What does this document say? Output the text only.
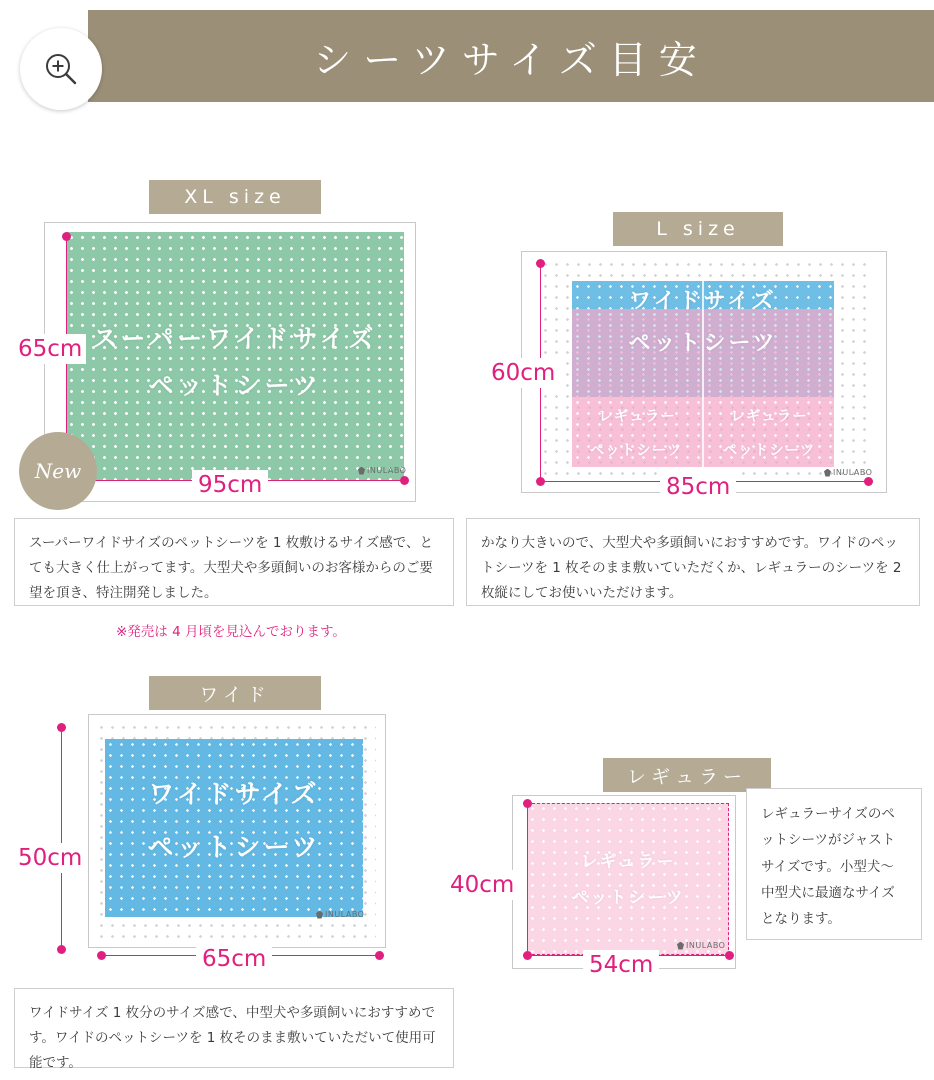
シーツサイズ目安
XL size
スーパーワイドサイズ
ペットシーツ
INULABO
65cm
95cm
New
スーパーワイドサイズのペットシーツを 1 枚敷けるサイズ感で、とても大きく仕上がってます。大型犬や多頭飼いのお客様からのご要望を頂き、特注開発しました。
※発売は 4 月頃を見込んでおります。
L size
ワイドサイズ
ペットシーツ
レギュラー
ペットシーツ
レギュラー
ペットシーツ
INULABO
60cm
85cm
かなり大きいので、大型犬や多頭飼いにおすすめです。ワイドのペットシーツを 1 枚そのまま敷いていただくか、レギュラーのシーツを 2 枚縦にしてお使いいただけます。
ワイド
ワイドサイズ
ペットシーツ
INULABO
50cm
65cm
ワイドサイズ 1 枚分のサイズ感で、中型犬や多頭飼いにおすすめです。ワイドのペットシーツを 1 枚そのまま敷いていただいて使用可能です。
レギュラー
レギュラー
ペットシーツ
INULABO
40cm
54cm
レギュラーサイズのペットシーツがジャストサイズです。小型犬～中型犬に最適なサイズとなります。
